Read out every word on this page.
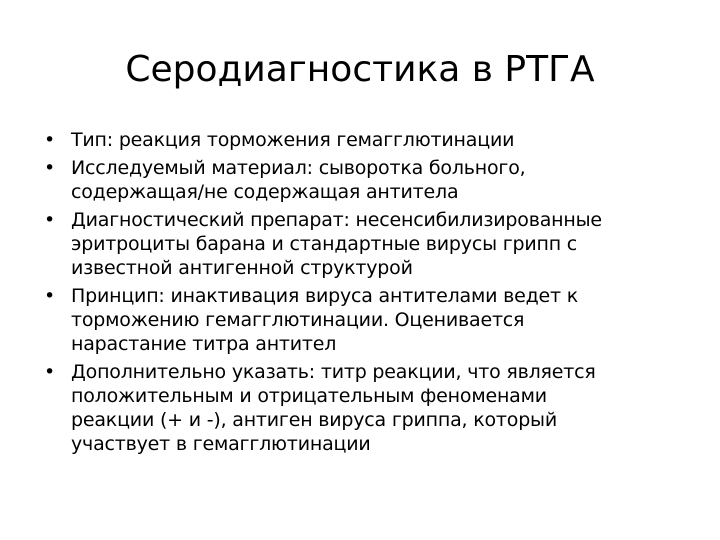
Серодиагностика в РТГА
• Тип: реакция торможения гемагглютинации
• Исследуемый материал: сыворотка больного,
содержащая/не содержащая антитела
• Диагностический препарат: несенсибилизированные
эритроциты барана и стандартные вирусы грипп с
известной антигенной структурой
• Принцип: инактивация вируса антителами ведет к
торможению гемагглютинации. Оценивается
нарастание титра антител
• Дополнительно указать: титр реакции, что является
положительным и отрицательным феноменами
реакции (+ и -), антиген вируса гриппа, который
участвует в гемагглютинации
